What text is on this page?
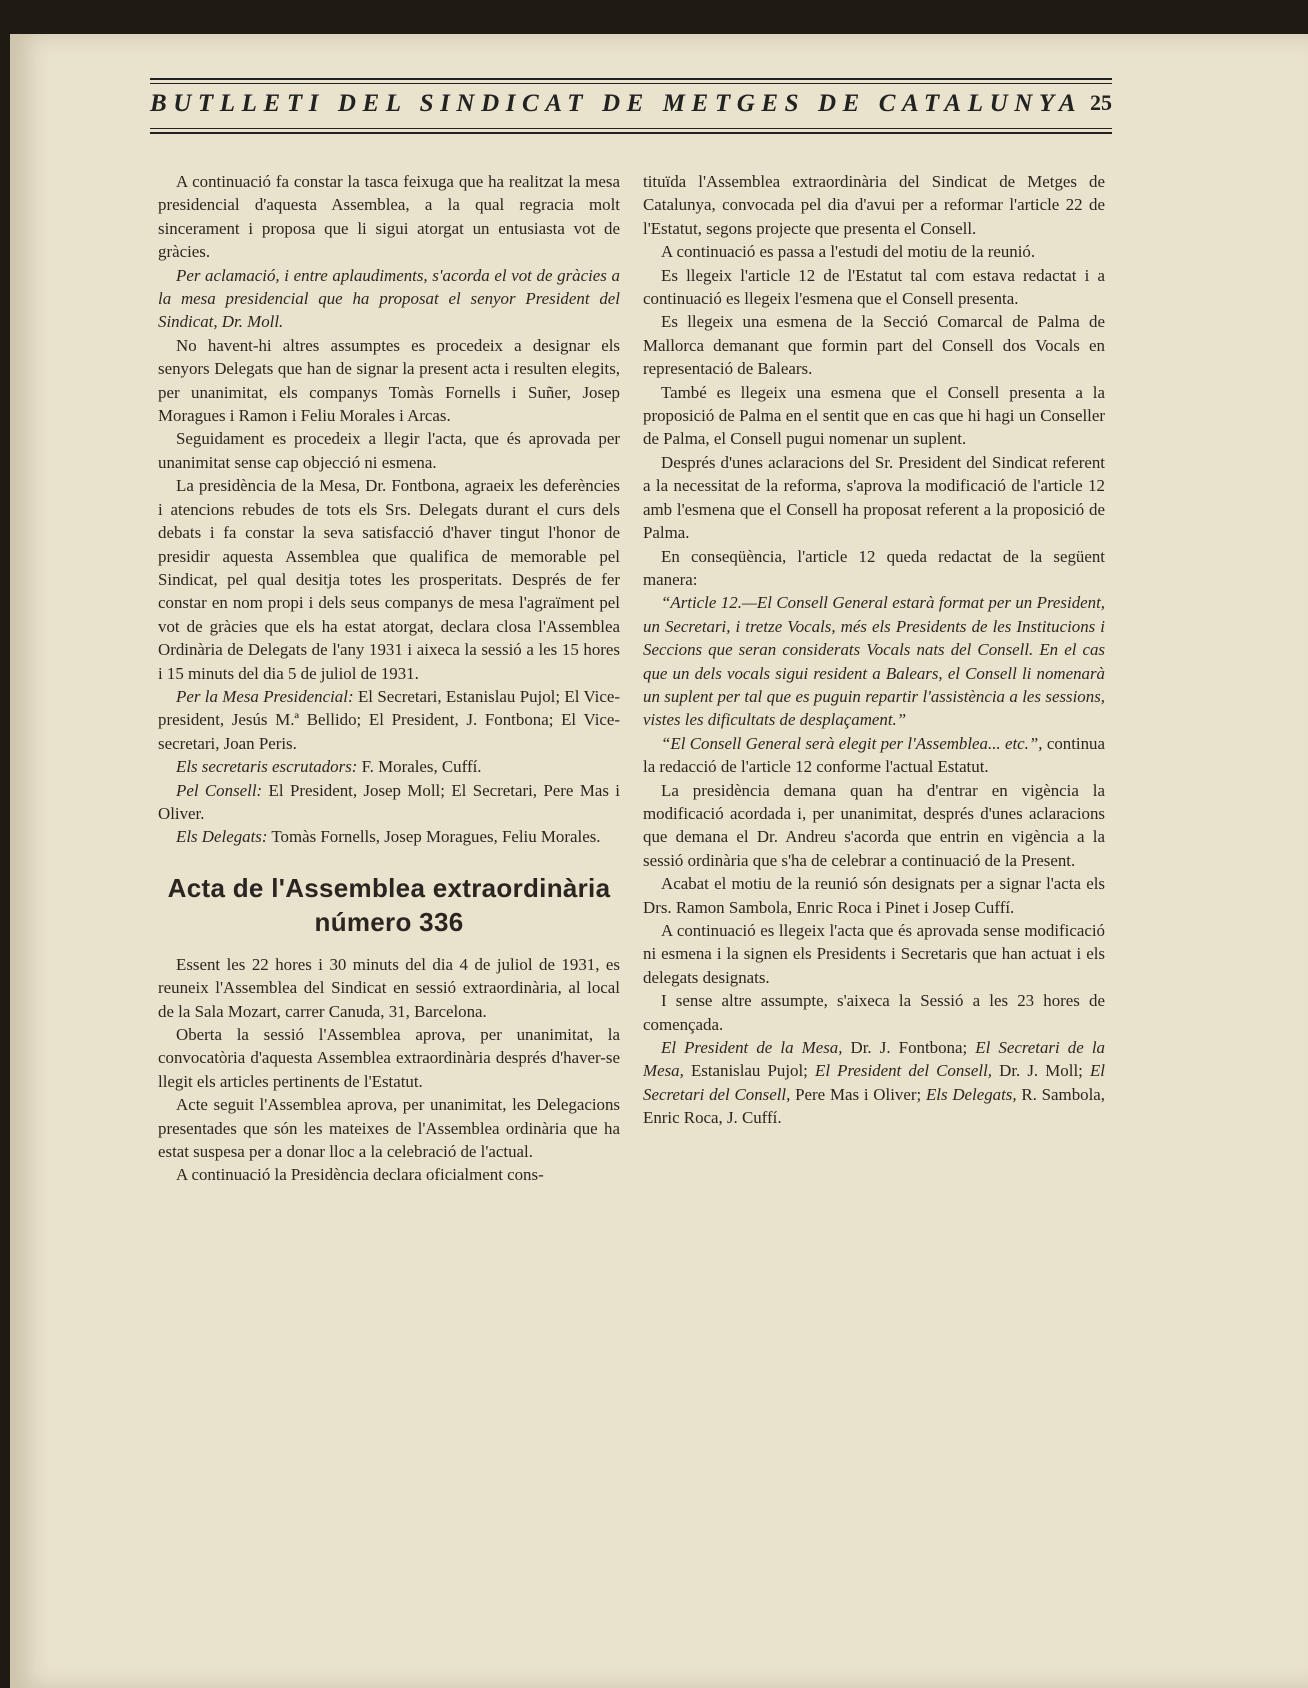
BUTLLETI DEL SINDICAT DE METGES DE CATALUNYA 25

A continuació fa constar la tasca feixuga que ha realitzat la mesa presidencial d'aquesta Assemblea, a la qual regracia molt sincerament i proposa que li sigui atorgat un entusiasta vot de gràcies.

Per aclamació, i entre aplaudiments, s'acorda el vot de gràcies a la mesa presidencial que ha proposat el senyor President del Sindicat, Dr. Moll.

No havent-hi altres assumptes es procedeix a designar els senyors Delegats que han de signar la present acta i resulten elegits, per unanimitat, els companys Tomàs Fornells i Suñer, Josep Moragues i Ramon i Feliu Morales i Arcas.

Seguidament es procedeix a llegir l'acta, que és aprovada per unanimitat sense cap objecció ni esmena.

La presidència de la Mesa, Dr. Fontbona, agraeix les deferències i atencions rebudes de tots els Srs. Delegats durant el curs dels debats i fa constar la seva satisfacció d'haver tingut l'honor de presidir aquesta Assemblea que qualifica de memorable pel Sindicat, pel qual desitja totes les prosperitats. Després de fer constar en nom propi i dels seus companys de mesa l'agraïment pel vot de gràcies que els ha estat atorgat, declara closa l'Assemblea Ordinària de Delegats de l'any 1931 i aixeca la sessió a les 15 hores i 15 minuts del dia 5 de juliol de 1931.

Per la Mesa Presidencial: El Secretari, Estanislau Pujol; El Vice-president, Jesús M.ª Bellido; El President, J. Fontbona; El Vice-secretari, Joan Peris.

Els secretaris escrutadors: F. Morales, Cuffí.

Pel Consell: El President, Josep Moll; El Secretari, Pere Mas i Oliver.

Els Delegats: Tomàs Fornells, Josep Moragues, Feliu Morales.

Acta de l'Assemblea extraordinària
número 336

Essent les 22 hores i 30 minuts del dia 4 de juliol de 1931, es reuneix l'Assemblea del Sindicat en sessió extraordinària, al local de la Sala Mozart, carrer Canuda, 31, Barcelona.

Oberta la sessió l'Assemblea aprova, per unanimitat, la convocatòria d'aquesta Assemblea extraordinària després d'haver-se llegit els articles pertinents de l'Estatut.

Acte seguit l'Assemblea aprova, per unanimitat, les Delegacions presentades que són les mateixes de l'Assemblea ordinària que ha estat suspesa per a donar lloc a la celebració de l'actual.

A continuació la Presidència declara oficialment cons-

tituïda l'Assemblea extraordinària del Sindicat de Metges de Catalunya, convocada pel dia d'avui per a reformar l'article 22 de l'Estatut, segons projecte que presenta el Consell.

A continuació es passa a l'estudi del motiu de la reunió.

Es llegeix l'article 12 de l'Estatut tal com estava redactat i a continuació es llegeix l'esmena que el Consell presenta.

Es llegeix una esmena de la Secció Comarcal de Palma de Mallorca demanant que formin part del Consell dos Vocals en representació de Balears.

També es llegeix una esmena que el Consell presenta a la proposició de Palma en el sentit que en cas que hi hagi un Conseller de Palma, el Consell pugui nomenar un suplent.

Després d'unes aclaracions del Sr. President del Sindicat referent a la necessitat de la reforma, s'aprova la modificació de l'article 12 amb l'esmena que el Consell ha proposat referent a la proposició de Palma.

En conseqüència, l'article 12 queda redactat de la següent manera:

“Article 12.—El Consell General estarà format per un President, un Secretari, i tretze Vocals, més els Presidents de les Institucions i Seccions que seran considerats Vocals nats del Consell. En el cas que un dels vocals sigui resident a Balears, el Consell li nomenarà un suplent per tal que es puguin repartir l'assistència a les sessions, vistes les dificultats de desplaçament.”

“El Consell General serà elegit per l'Assemblea... etc.”, continua la redacció de l'article 12 conforme l'actual Estatut.

La presidència demana quan ha d'entrar en vigència la modificació acordada i, per unanimitat, després d'unes aclaracions que demana el Dr. Andreu s'acorda que entrin en vigència a la sessió ordinària que s'ha de celebrar a continuació de la Present.

Acabat el motiu de la reunió són designats per a signar l'acta els Drs. Ramon Sambola, Enric Roca i Pinet i Josep Cuffí.

A continuació es llegeix l'acta que és aprovada sense modificació ni esmena i la signen els Presidents i Secretaris que han actuat i els delegats designats.

I sense altre assumpte, s'aixeca la Sessió a les 23 hores de començada.

El President de la Mesa, Dr. J. Fontbona; El Secretari de la Mesa, Estanislau Pujol; El President del Consell, Dr. J. Moll; El Secretari del Consell, Pere Mas i Oliver; Els Delegats, R. Sambola, Enric Roca, J. Cuffí.
